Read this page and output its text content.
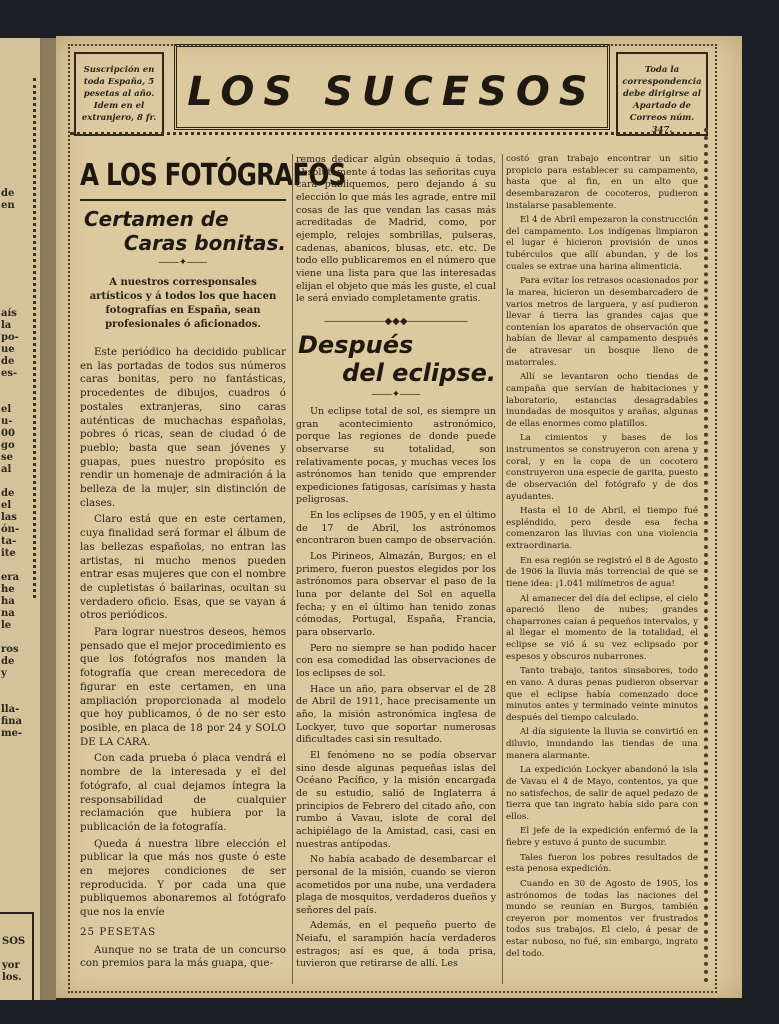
de
en

aís
la
po-
ue
de
es-

el
u-
00
go
se
al

de
el
las
ón-
ta-
ite

era
he
ha
na
le

ros
de
y

lla-
fina
me-
SOS

yor
los.
Suscripción en toda España, 5 pesetas al año. Idem en el extranjero, 8 fr.
LOS SUCESOS	Toda la correspondencia debe dirigirse al Apartado de Correos núm. 347.
A LOS FOTÓGRAFOS
Certamen de
Caras bonitas.
――✦――
A nuestros corresponsales artísticos y á todos los que hacen fotografías en España, sean profesionales ó aficionados.

Este periódico ha decidido publicar en las portadas de todos sus números caras bonitas, pero no fantásticas, procedentes de dibujos, cuadros ó postales extranjeras, sino caras auténticas de muchachas españolas, pobres ó ricas, sean de ciudad ó de pueblo; basta que sean jóvenes y guapas, pues nuestro propósito es rendir un homenaje de admiración á la belleza de la mujer, sin distinción de clases.

Claro está que en este certamen, cuya finalidad será formar el álbum de las bellezas españolas, no entran las artistas, ni mucho menos pueden entrar esas mujeres que con el nombre de cupletistas ó bailarinas, ocultan su verdadero oficio. Esas, que se vayan á otros periódicos.

Para lograr nuestros deseos, hemos pensado que el mejor procedimiento es que los fotógrafos nos manden la fotografía que crean merecedora de figurar en este certamen, en una ampliación proporcionada al modelo que hoy publicamos, ó de no ser esto posible, en placa de 18 por 24 y SOLO DE LA CARA.

Con cada prueba ó placa vendrá el nombre de la interesada y el del fotógrafo, al cual dejamos íntegra la responsabilidad de cualquier reclamación que hubiera por la publicación de la fotografía.

Queda á nuestra libre elección el publicar la que más nos guste ó este en mejores condiciones de ser reproducida. Y por cada una que publiquemos abonaremos al fotógrafo que nos la envíe

25 PESETAS

Aunque no se trata de un concurso con premios para la más guapa, que-

remos dedicar algún obsequio á todas, absolutamente á todas las señoritas cuya cara publiquemos, pero dejando á su elección lo que más les agrade, entre mil cosas de las que vendan las casas más acreditadas de Madrid, como, por ejemplo, relojes sombrillas, pulseras, cadenas, abanicos, blusas, etc. etc. De todo ello publicaremos en el número que viene una lista para que las interesadas elijan el objeto que más les guste, el cual le será enviado completamente gratis.

――――――◆◆◆――――――
Después
del eclipse.
――✦――

Un eclipse total de sol, es siempre un gran acontecimiento astronómico, porque las regiones de donde puede observarse su totalidad, son relativamente pocas, y muchas veces los astrónomos han tenido que emprender expediciones fatigosas, carísimas y hasta peligrosas.

En los eclipses de 1905, y en el último de 17 de Abril, los astrónomos encontraron buen campo de observación.

Los Pirineos, Almazán, Burgos; en el primero, fueron puestos elegidos por los astrónomos para observar el paso de la luna por delante del Sol en aquella fecha; y en el último han tenido zonas cómodas, Portugal, España, Francia, para observarlo.

Pero no siempre se han podido hacer con esa comodidad las observaciones de los eclipses de sol.

Hace un año, para observar el de 28 de Abril de 1911, hace precisamente un año, la misión astronómica inglesa de Lockyer, tuvo que soportar numerosas dificultades casi sin resultado.

El fenómeno no se podía observar sino desde algunas pequeñas islas del Océano Pacífico, y la misión encargada de su estudio, salió de Inglaterra á principios de Febrero del citado año, con rumbo á Vavau, islote de coral del achipiélago de la Amistad, casi, casi en nuestras antípodas.

No había acabado de desembarcar el personal de la misión, cuando se vieron acometidos por una nube, una verdadera plaga de mosquitos, verdaderos dueños y señores del país.

Además, en el pequeño puerto de Neiafu, el sarampión hacía verdaderos estragos; así es que, á toda prisa, tuvieron que retirarse de allí. Les

costó gran trabajo encontrar un sitio propicio para establecer su campamento, hasta que al fin, en un alto que desembarazaron de cocoteros, pudieron instalarse pasablemente.

El 4 de Abril empezaron la construcción del campamento. Los indígenas limpiaron el lugar é hicieron provisión de unos tubérculos que allí abundan, y de los cuales se extrae una harina alimenticia.

Para evitar los retrasos ocasionados por la marea, hicieron un desembarcadero de varios metros de larguera, y así pudieron llevar á tierra las grandes cajas que contenían los aparatos de observación que habían de llevar al campamento después de atravesar un bosque lleno de matorrales.

Allí se levantaron ocho tiendas de campaña que servían de habitaciones y laboratorio, estancias desagradables inundadas de mosquitos y arañas, algunas de ellas enormes como platillos.

La cimientos y bases de los instrumentos se construyeron con arena y coral, y en la copa de un cocotero construyeron una especie de garita, puesto de observación del fotógrafo y de dos ayudantes.

Hasta el 10 de Abril, el tiempo fué espléndido, pero desde esa fecha comenzaron las lluvias con una violencia extraordinaria.

En esa región se registró el 8 de Agosto de 1906 la lluvia más torrencial de que se tiene idea: ¡1.041 milímetros de agua!

Al amanecer del día del eclipse, el cielo apareció lleno de nubes; grandes chaparrones caían á pequeños intervalos, y al llegar el momento de la totalidad, el eclipse se vió á su vez eclipsado por espesos y obscuros nubarrones.

Tanto trabajo, tantos sinsabores, todo en vano. A duras penas pudieron observar que el eclipse había comenzado doce minutos antes y terminado veinte minutos después del tiempo calculado.

Al día siguiente la lluvia se convirtió en diluvio, inundando las tiendas de una manera alarmante.

La expedición Lockyer abandonó la isla de Vavau el 4 de Mayo, contentos, ya que no satisfechos, de salir de aquel pedazo de tierra que tan ingrato había sido para con ellos.

El jefe de la expedición enfermó de la fiebre y estuvo á punto de sucumbir.

Tales fueron los pobres resultados de esta penosa expedición.

Cuando en 30 de Agosto de 1905, los astrónomos de todas las naciones del mundo se reunían en Burgos, también creyeron por momentos ver frustrados todos sus trabajos. El cielo, á pesar de estar nuboso, no fué, sin embargo, ingrato del todo.
